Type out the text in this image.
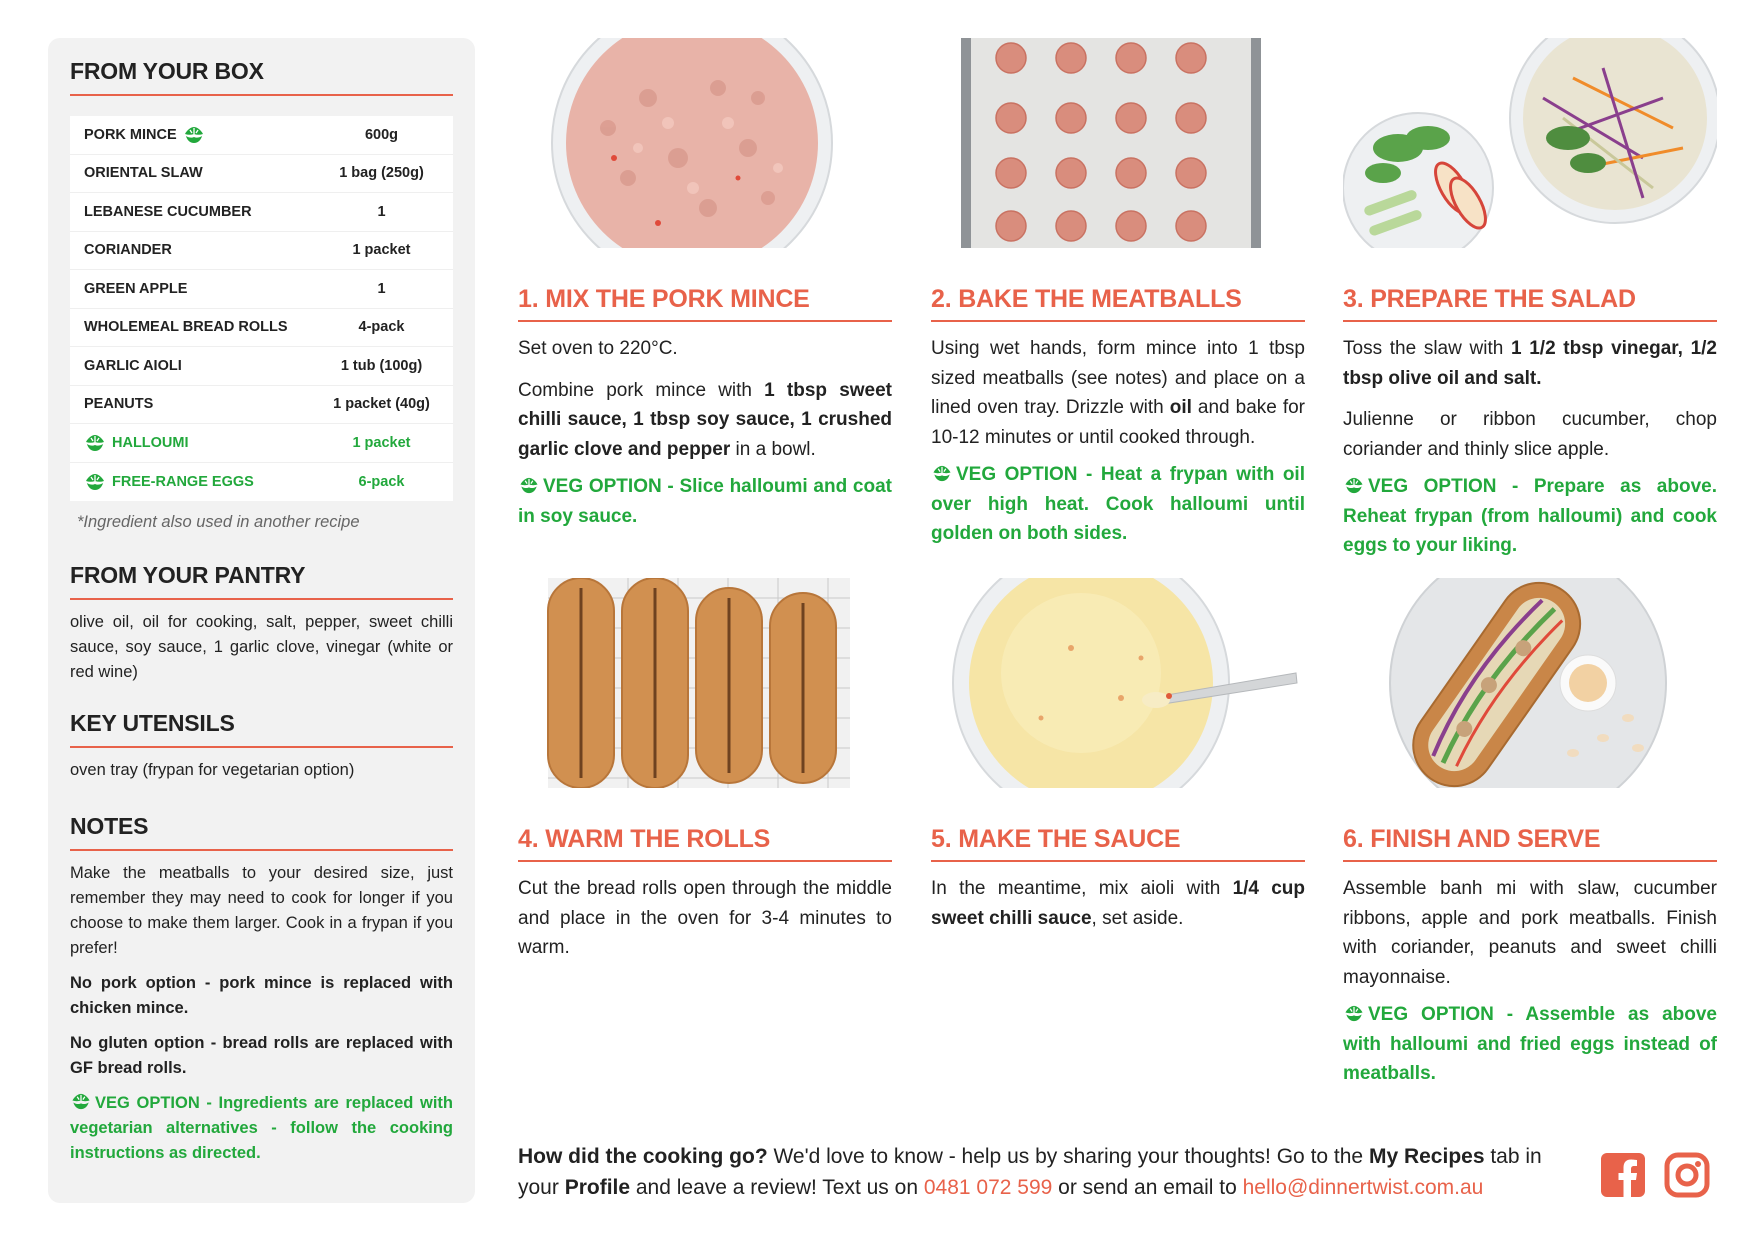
FROM YOUR BOX
PORK MINCE	600g
ORIENTAL SLAW	1 bag (250g)
LEBANESE CUCUMBER	1
CORIANDER	1 packet
GREEN APPLE	1
WHOLEMEAL BREAD ROLLS	4-pack
GARLIC AIOLI	1 tub (100g)
PEANUTS	1 packet (40g)
HALLOUMI	1 packet
FREE-RANGE EGGS	6-pack
*Ingredient also used in another recipe
FROM YOUR PANTRY
olive oil, oil for cooking, salt, pepper, sweet chilli sauce, soy sauce, 1 garlic clove, vinegar (white or red wine)
KEY UTENSILS
oven tray (frypan for vegetarian option)
NOTES
Make the meatballs to your desired size, just remember they may need to cook for longer if you choose to make them larger. Cook in a frypan if you prefer!
No pork option - pork mince is replaced with chicken mince.
No gluten option - bread rolls are replaced with GF bread rolls.
VEG OPTION - Ingredients are replaced with vegetarian alternatives - follow the cooking instructions as directed.
1. MIX THE PORK MINCE
Set oven to 220°C.
Combine pork mince with 1 tbsp sweet chilli sauce, 1 tbsp soy sauce, 1 crushed garlic clove and pepper in a bowl.
VEG OPTION - Slice halloumi and coat in soy sauce.
2. BAKE THE MEATBALLS
Using wet hands, form mince into 1 tbsp sized meatballs (see notes) and place on a lined oven tray. Drizzle with oil and bake for 10-12 minutes or until cooked through.
VEG OPTION - Heat a frypan with oil over high heat. Cook halloumi until golden on both sides.
3. PREPARE THE SALAD
Toss the slaw with 1 1/2 tbsp vinegar, 1/2 tbsp olive oil and salt.
Julienne or ribbon cucumber, chop coriander and thinly slice apple.
VEG OPTION - Prepare as above. Reheat frypan (from halloumi) and cook eggs to your liking.
4. WARM THE ROLLS
Cut the bread rolls open through the middle and place in the oven for 3-4 minutes to warm.
5. MAKE THE SAUCE
In the meantime, mix aioli with 1/4 cup sweet chilli sauce, set aside.
6. FINISH AND SERVE
Assemble banh mi with slaw, cucumber ribbons, apple and pork meatballs. Finish with coriander, peanuts and sweet chilli mayonnaise.
VEG OPTION - Assemble as above with halloumi and fried eggs instead of meatballs.
How did the cooking go? We'd love to know - help us by sharing your thoughts! Go to the My Recipes tab in your Profile and leave a review! Text us on 0481 072 599 or send an email to hello@dinnertwist.com.au
